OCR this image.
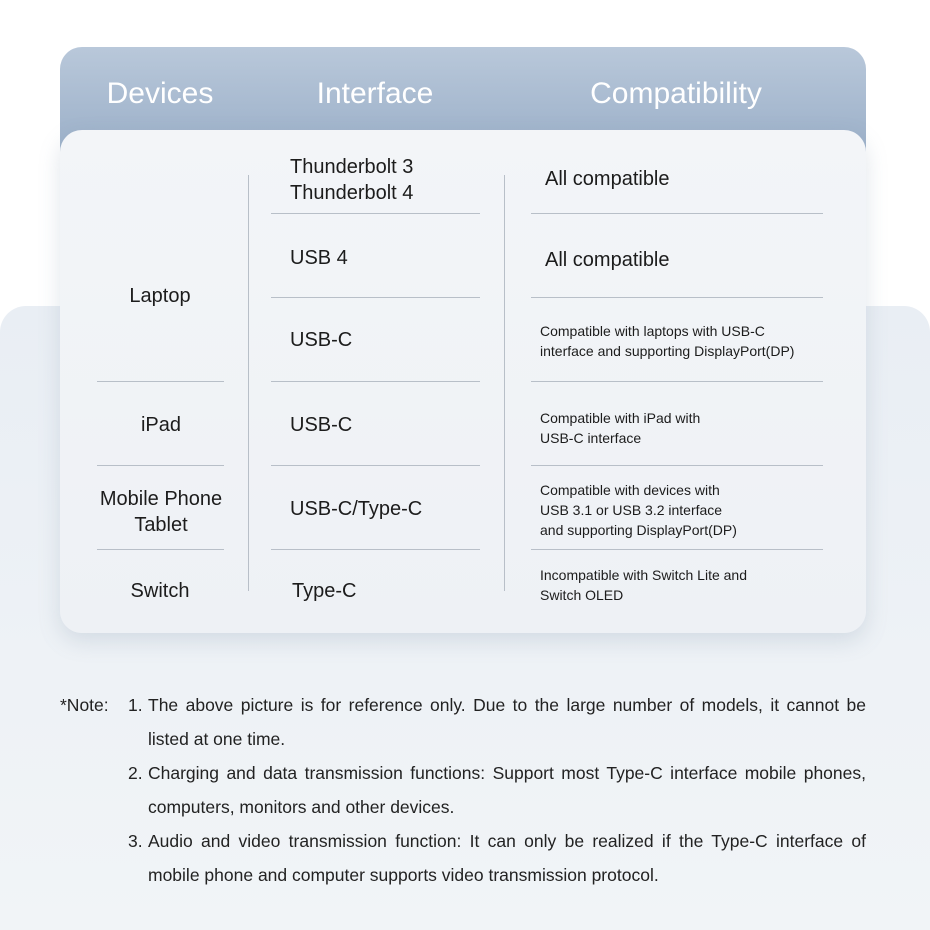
Devices	Interface	Compatibility
Laptop
iPad
Mobile Phone
Tablet
Switch
Thunderbolt 3
Thunderbolt 4
USB 4
USB-C
USB-C
USB-C/Type-C
Type-C
All compatible
All compatible
Compatible with laptops with USB-C
interface and supporting DisplayPort(DP)
Compatible with iPad with
USB-C interface
Compatible with devices with
USB 3.1 or USB 3.2 interface
and supporting DisplayPort(DP)
Incompatible with Switch Lite and
Switch OLED
*Note: 1. The above picture is for reference only. Due to the large number of models, it cannot be listed at one time.
2. Charging and data transmission functions: Support most Type-C interface mobile phones, computers, monitors and other devices.
3. Audio and video transmission function: It can only be realized if the Type-C interface of mobile phone and computer supports video transmission protocol.
